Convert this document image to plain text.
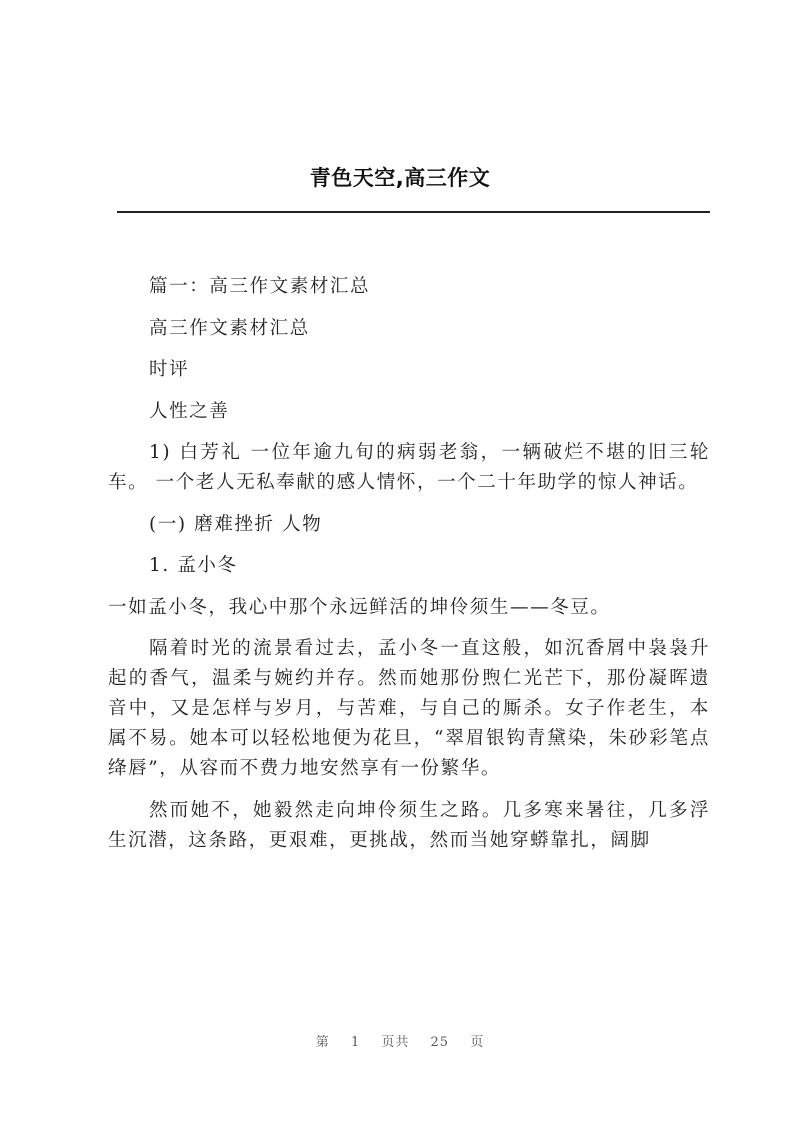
青色天空,高三作文

篇一：高三作文素材汇总

高三作文素材汇总

时评

人性之善

1) 白芳礼 一位年逾九旬的病弱老翁，一辆破烂不堪的旧三轮车。 一个老人无私奉献的感人情怀，一个二十年助学的惊人神话。

(一) 磨难挫折 人物

1. 孟小冬

一如孟小冬，我心中那个永远鲜活的坤伶须生——冬豆。

隔着时光的流景看过去，孟小冬一直这般，如沉香屑中袅袅升起的香气，温柔与婉约并存。然而她那份煦仁光芒下，那份凝晖遗音中，又是怎样与岁月，与苦难，与自己的厮杀。女子作老生，本属不易。她本可以轻松地便为花旦，“翠眉银钩青黛染，朱砂彩笔点绛唇”，从容而不费力地安然享有一份繁华。

然而她不，她毅然走向坤伶须生之路。几多寒来暑往，几多浮生沉潜，这条路，更艰难，更挑战，然而当她穿蟒靠扎，阔脚

第 1 页共 25 页
